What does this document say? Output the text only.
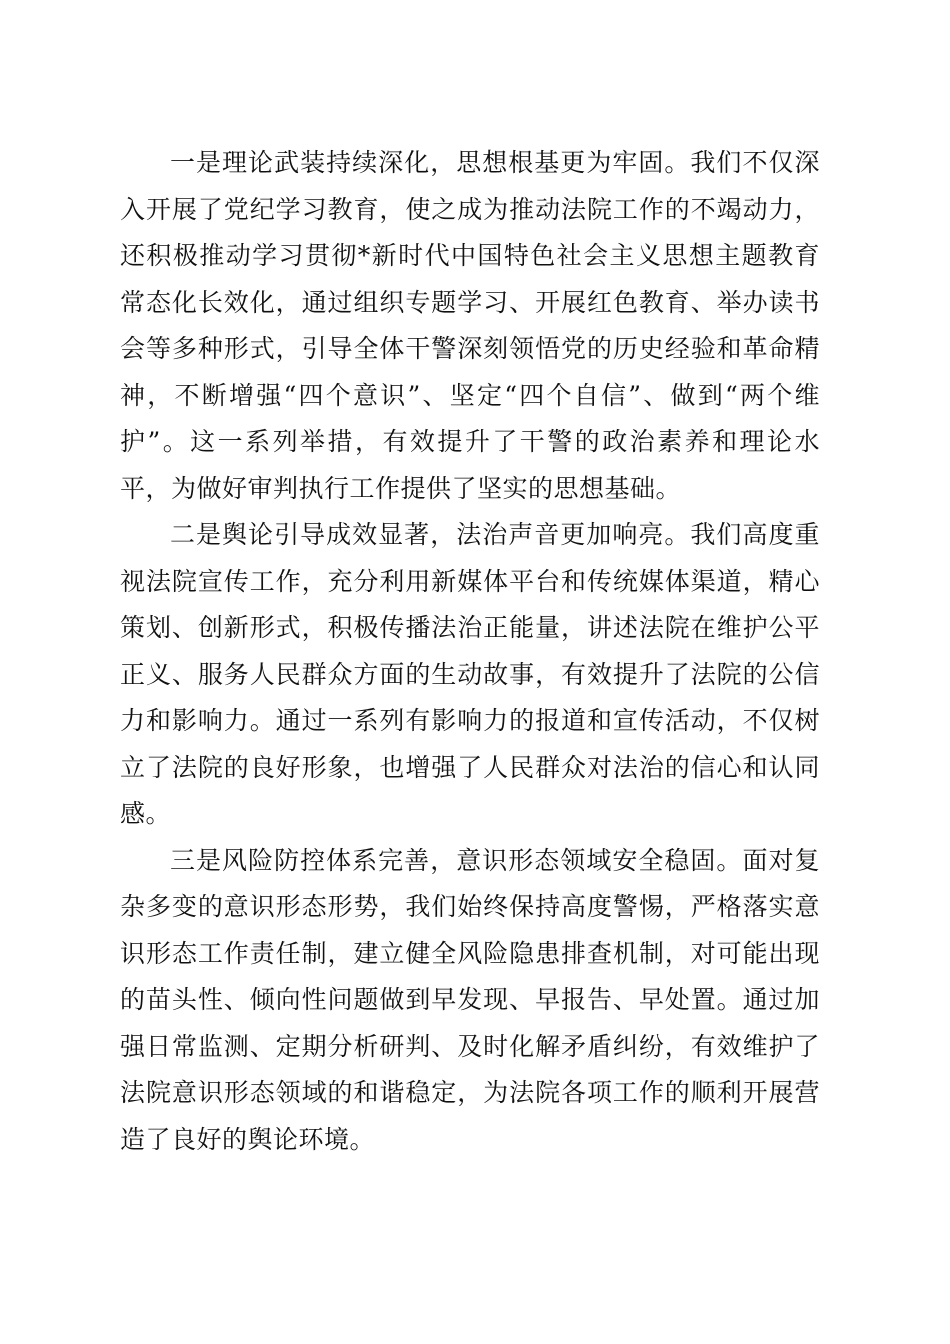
一是理论武装持续深化，思想根基更为牢固。我们不仅深入开展了党纪学习教育，使之成为推动法院工作的不竭动力，还积极推动学习贯彻*新时代中国特色社会主义思想主题教育常态化长效化，通过组织专题学习、开展红色教育、举办读书会等多种形式，引导全体干警深刻领悟党的历史经验和革命精神，不断增强“四个意识”、坚定“四个自信”、做到“两个维护”。这一系列举措，有效提升了干警的政治素养和理论水平，为做好审判执行工作提供了坚实的思想基础。

二是舆论引导成效显著，法治声音更加响亮。我们高度重视法院宣传工作，充分利用新媒体平台和传统媒体渠道，精心策划、创新形式，积极传播法治正能量，讲述法院在维护公平正义、服务人民群众方面的生动故事，有效提升了法院的公信力和影响力。通过一系列有影响力的报道和宣传活动，不仅树立了法院的良好形象，也增强了人民群众对法治的信心和认同感。

三是风险防控体系完善，意识形态领域安全稳固。面对复杂多变的意识形态形势，我们始终保持高度警惕，严格落实意识形态工作责任制，建立健全风险隐患排查机制，对可能出现的苗头性、倾向性问题做到早发现、早报告、早处置。通过加强日常监测、定期分析研判、及时化解矛盾纠纷，有效维护了法院意识形态领域的和谐稳定，为法院各项工作的顺利开展营造了良好的舆论环境。
